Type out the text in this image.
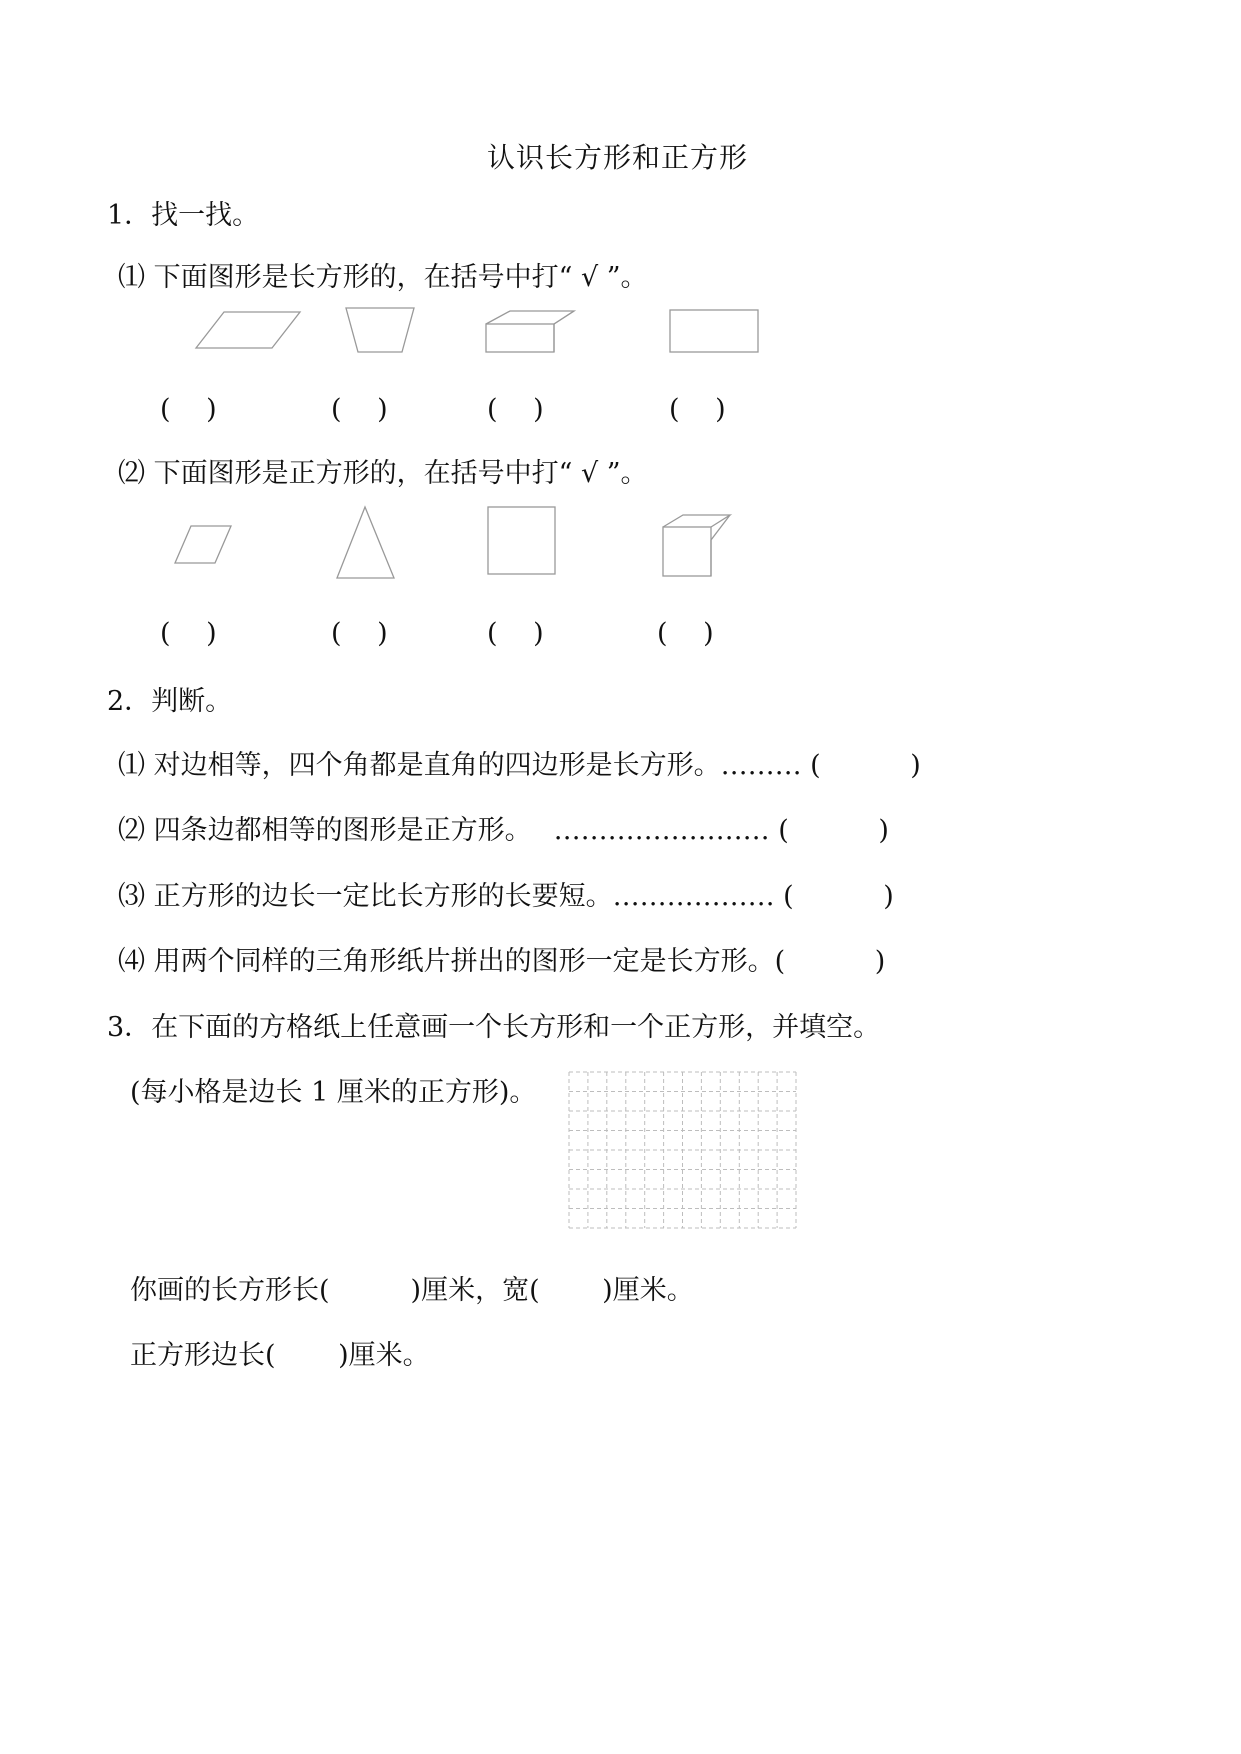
认识长方形和正方形
1．找一找。
⑴ 下面图形是长方形的，在括号中打“ √ ”。
(　 )	(　 )	(　 )	(　 )
⑵ 下面图形是正方形的，在括号中打“ √ ”。
(　 )	(　 )	(　 )	(　 )
2．判断。
⑴ 对边相等，四个角都是直角的四边形是长方形。……… (　　　 )
⑵ 四条边都相等的图形是正方形。　 …………………… (　　　 )
⑶ 正方形的边长一定比长方形的长要短。……………… (　　　 )
⑷ 用两个同样的三角形纸片拼出的图形一定是长方形。(　　　 )
3．在下面的方格纸上任意画一个长方形和一个正方形，并填空。
(每小格是边长 1 厘米的正方形)。
你画的长方形长(　　　)厘米，宽(　　 )厘米。
正方形边长(　　 )厘米。
